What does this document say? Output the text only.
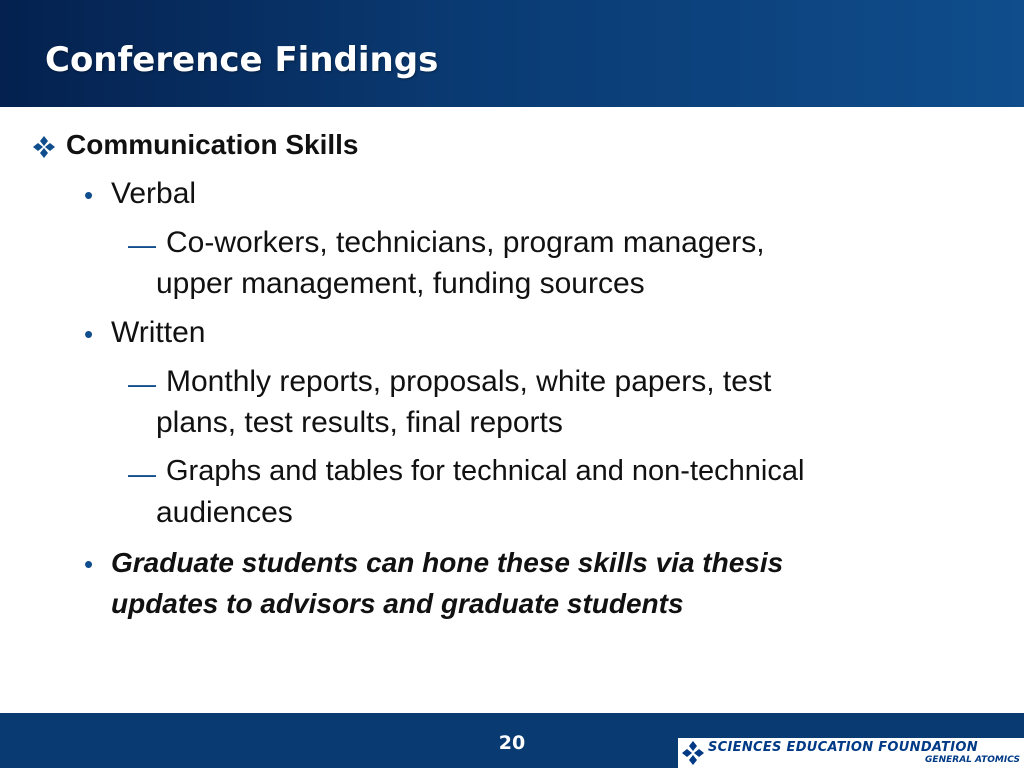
Conference Findings
Communication Skills
• Verbal
— Co-workers, technicians, program managers,
upper management, funding sources
• Written
— Monthly reports, proposals, white papers, test
plans, test results, final reports
— Graphs and tables for technical and non-technical
audiences
• Graduate students can hone these skills via thesis
updates to advisors and graduate students
20	SCIENCES EDUCATION FOUNDATION
GENERAL ATOMICS
